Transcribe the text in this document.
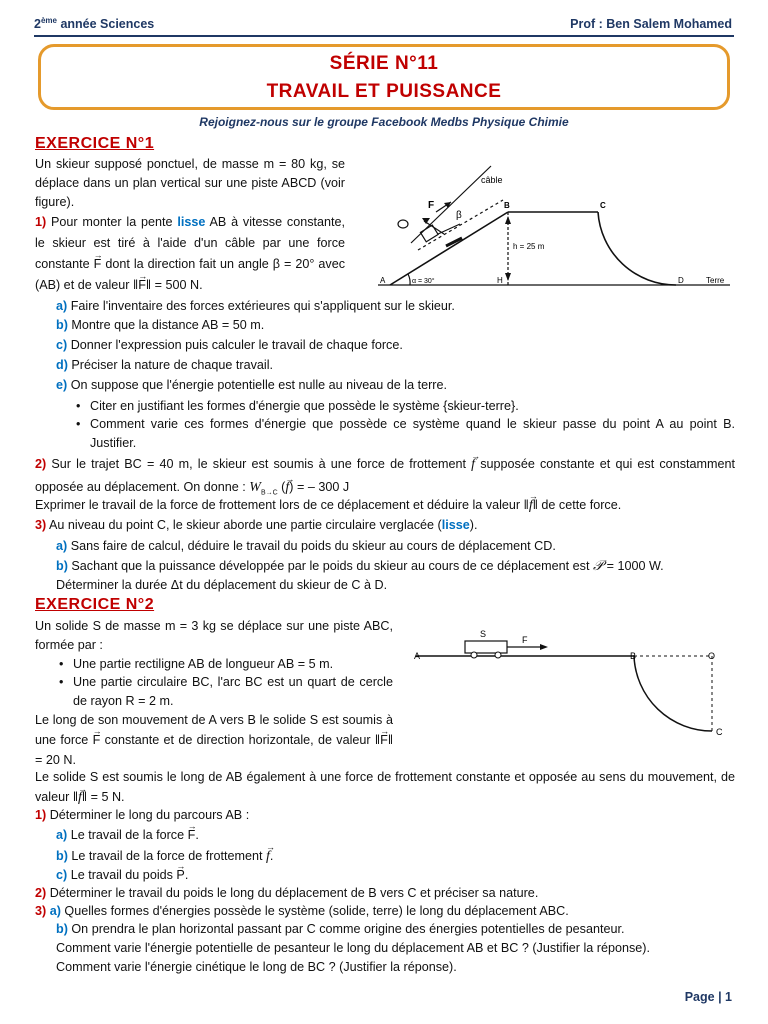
2ème année Sciences	Prof : Ben Salem Mohamed
SÉRIE N°11
TRAVAIL ET PUISSANCE
Rejoignez-nous sur le groupe Facebook Medbs Physique Chimie
EXERCICE N°1
Un skieur supposé ponctuel, de masse m = 80 kg, se déplace dans un plan vertical sur une piste ABCD (voir figure).
1) Pour monter la pente lisse AB à vitesse constante, le skieur est tiré à l'aide d'un câble par une force constante → F dont la direction fait un angle β = 20° avec (AB) et de valeur ‖→ F‖ = 500 N.
câble
F
β
B	C
h = 25 m
A	α = 30°	H	D	Terre
a) Faire l'inventaire des forces extérieures qui s'appliquent sur le skieur.
b) Montre que la distance AB = 50 m.
c) Donner l'expression puis calculer le travail de chaque force.
d) Préciser la nature de chaque travail.
e) On suppose que l'énergie potentielle est nulle au niveau de la terre.
• Citer en justifiant les formes d'énergie que possède le système {skieur-terre}.
• Comment varie ces formes d'énergie que possède ce système quand le skieur passe du point A au point B. Justifier.
2) Sur le trajet BC = 40 m, le skieur est soumis à une force de frottement → f supposée constante et qui est constamment opposée au déplacement. On donne : $W_{B\to C}$ (→ f) = – 300 J
Exprimer le travail de la force de frottement lors de ce déplacement et déduire la valeur ‖→ f‖ de cette force.
3) Au niveau du point C, le skieur aborde une partie circulaire verglacée (lisse).
a) Sans faire de calcul, déduire le travail du poids du skieur au cours de déplacement CD.
b) Sachant que la puissance développée par le poids du skieur au cours de ce déplacement est 𝒫 = 1000 W.
Déterminer la durée Δt du déplacement du skieur de C à D.
EXERCICE N°2
Un solide S de masse m = 3 kg se déplace sur une piste ABC, formée par :
• Une partie rectiligne AB de longueur AB = 5 m.
• Une partie circulaire BC, l'arc BC est un quart de cercle de rayon R = 2 m.
S
F
A	B	O
C
Le long de son mouvement de A vers B le solide S est soumis à une force → F constante et de direction horizontale, de valeur ‖→ F‖ = 20 N.
Le solide S est soumis le long de AB également à une force de frottement constante et opposée au sens du mouvement, de valeur ‖→ f‖ = 5 N.
1) Déterminer le long du parcours AB :
a) Le travail de la force → F.
b) Le travail de la force de frottement → f.
c) Le travail du poids → P.
2) Déterminer le travail du poids le long du déplacement de B vers C et préciser sa nature.
3) a) Quelles formes d'énergies possède le système (solide, terre) le long du déplacement ABC.
b) On prendra le plan horizontal passant par C comme origine des énergies potentielles de pesanteur.
Comment varie l'énergie potentielle de pesanteur le long du déplacement AB et BC ? (Justifier la réponse).
Comment varie l'énergie cinétique le long de BC ? (Justifier la réponse).
Page | 1
